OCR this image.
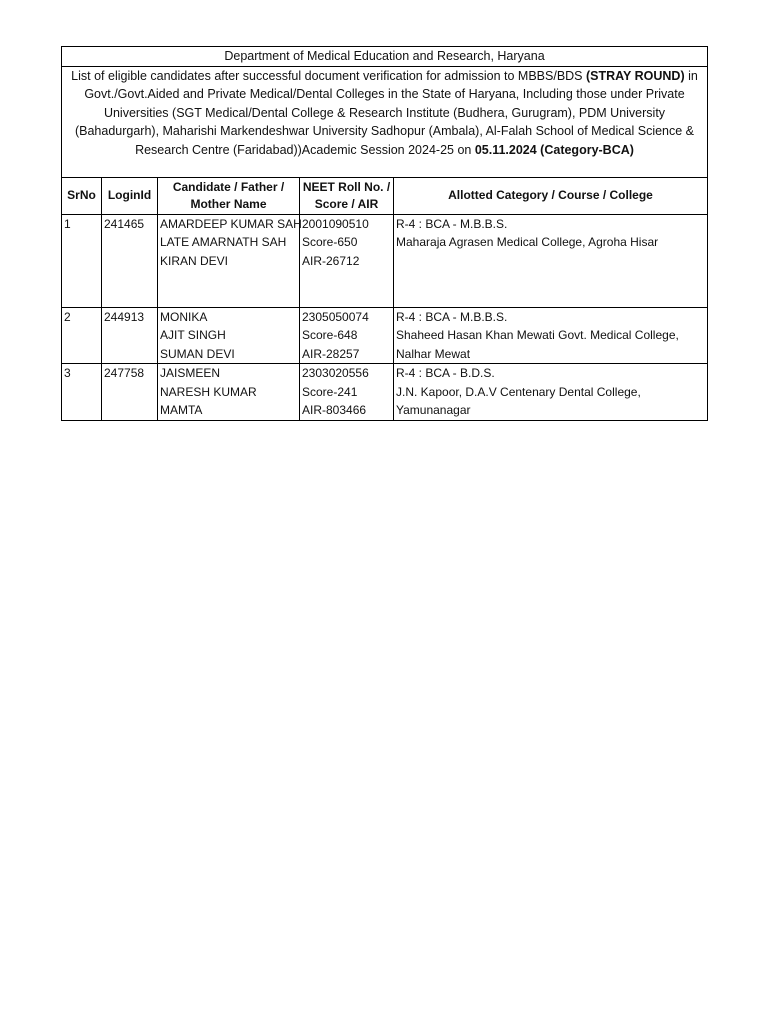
Department of Medical Education and Research, Haryana				
List of eligible candidates after successful document verification for admission to MBBS/BDS (STRAY ROUND) in Govt./Govt.Aided and Private Medical/Dental Colleges in the State of Haryana, Including those under Private Universities (SGT Medical/Dental College & Research Institute (Budhera, Gurugram), PDM University (Bahadurgarh), Maharishi Markendeshwar University Sadhopur (Ambala), Al-Falah School of Medical Science & Research Centre (Faridabad))Academic Session 2024-25 on 05.11.2024 (Category-BCA)				
SrNo	LoginId	Candidate / Father / Mother Name	NEET Roll No. / Score / AIR	Allotted Category / Course / College
1	241465	AMARDEEP KUMAR SAH
LATE AMARNATH SAH
KIRAN DEVI	2001090510
Score-650
AIR-26712	R-4 : BCA - M.B.B.S.
Maharaja Agrasen Medical College, Agroha Hisar

2	244913	MONIKA
AJIT SINGH
SUMAN DEVI	2305050074
Score-648
AIR-28257	R-4 : BCA - M.B.B.S.
Shaheed Hasan Khan Mewati Govt. Medical College, Nalhar Mewat

3	247758	JAISMEEN
NARESH KUMAR
MAMTA	2303020556
Score-241
AIR-803466	R-4 : BCA - B.D.S.
J.N. Kapoor, D.A.V Centenary Dental College, Yamunanagar
